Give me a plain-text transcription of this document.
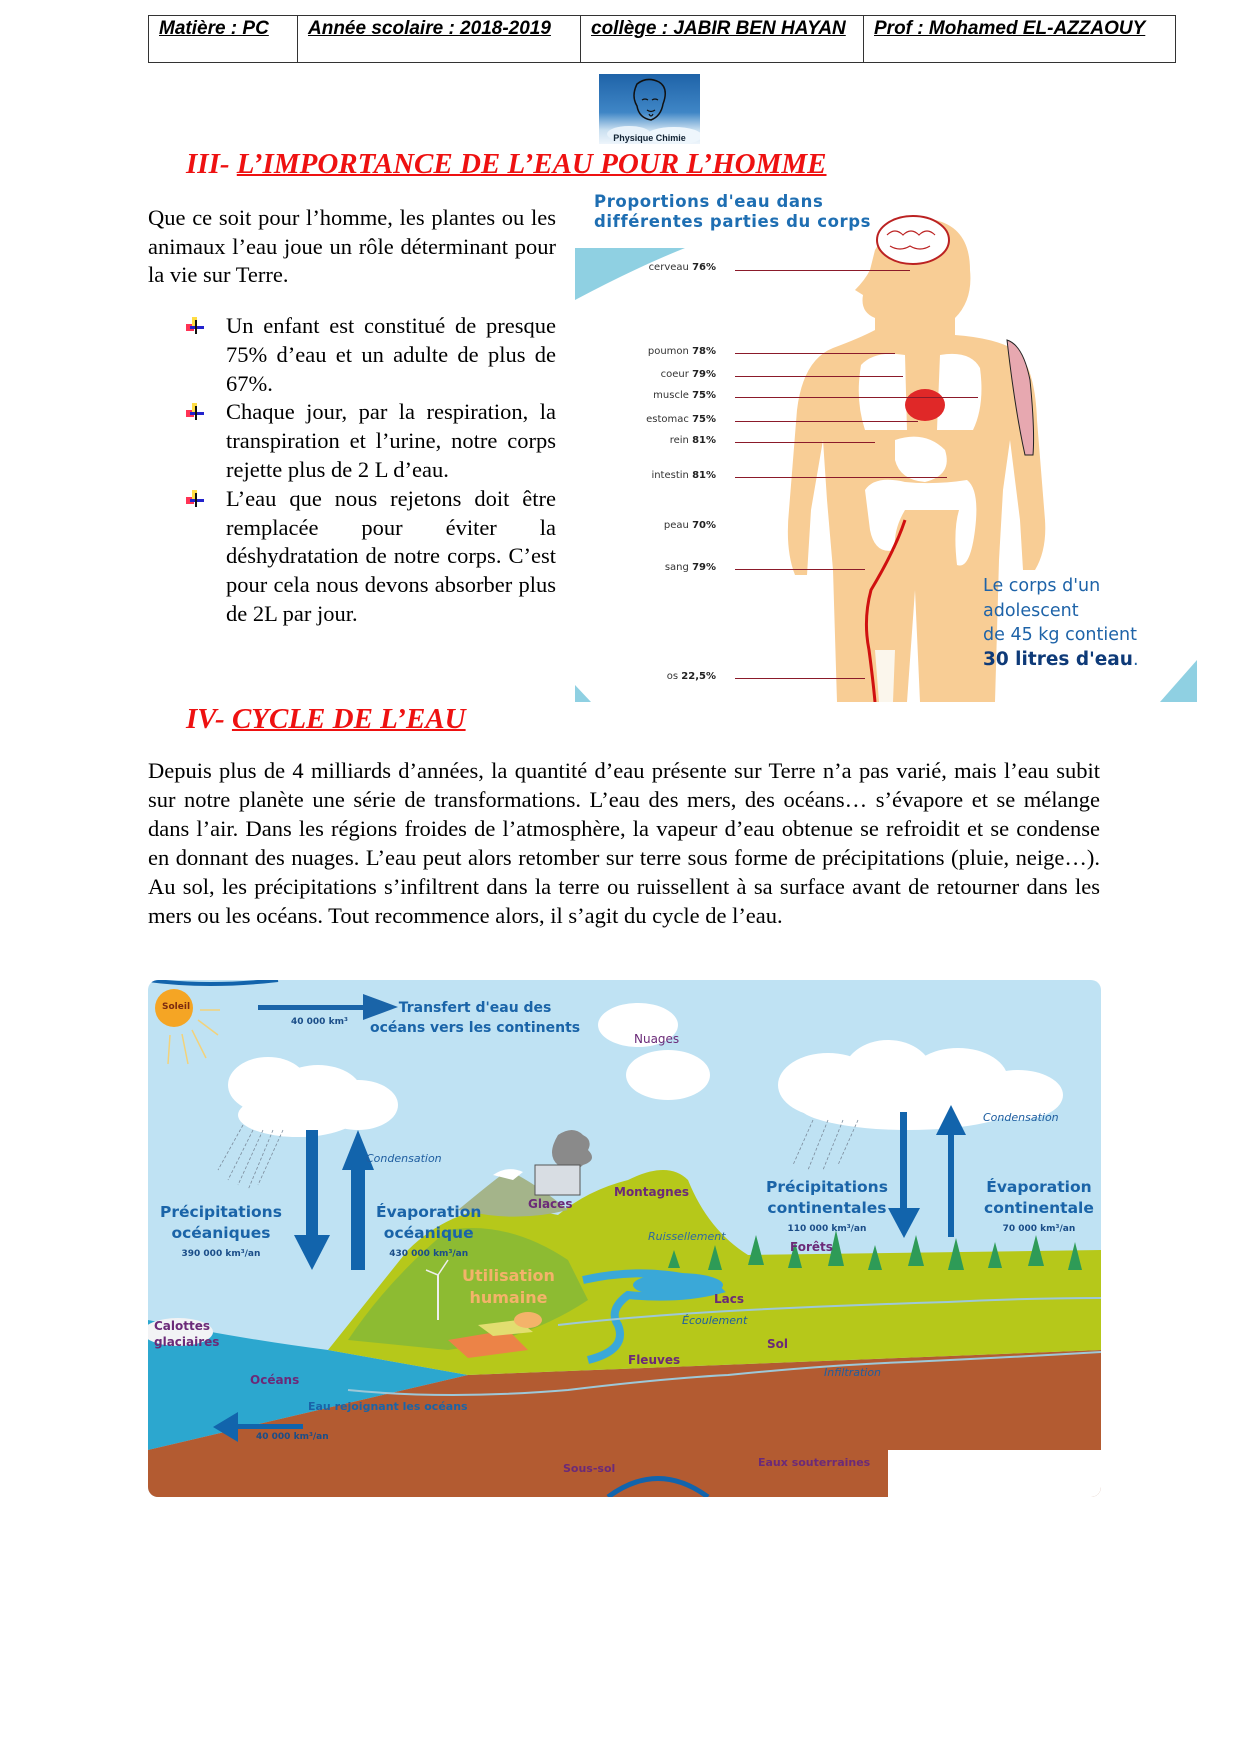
Matière : PC	Année scolaire : 2018-2019	collège : JABIR BEN HAYAN	Prof : Mohamed EL-AZZAOUY
Physique Chimie
III- L’IMPORTANCE DE L’EAU POUR L’HOMME
Que ce soit pour l’homme, les plantes ou les animaux l’eau joue un rôle déterminant pour la vie sur Terre.
Un enfant est constitué de presque 75% d’eau et un adulte de plus de 67%.
Chaque jour, par la respiration, la transpiration et l’urine, notre corps rejette plus de 2 L d’eau.
L’eau que nous rejetons doit être remplacée pour éviter la déshydratation de notre corps. C’est pour cela nous devons absorber plus de 2L par jour.
Proportions d'eau dans
différentes parties du corps
cerveau 76%
poumon 78%
coeur 79%
muscle 75%
estomac 75%
rein 81%
intestin 81%
peau 70%
sang 79%
os 22,5%
Le corps d'un
adolescent
de 45 kg contient
30 litres d'eau.
IV- CYCLE DE L’EAU
Depuis plus de 4 milliards d’années, la quantité d’eau présente sur Terre n’a pas varié, mais l’eau subit sur notre planète une série de transformations. L’eau des mers, des océans… s’évapore et se mélange dans l’air. Dans les régions froides de l’atmosphère, la vapeur d’eau obtenue se refroidit et se condense en donnant des nuages. L’eau peut alors retomber sur terre sous forme de précipitations (pluie, neige…). Au sol, les précipitations s’infiltrent dans la terre ou ruissellent à sa surface avant de retourner dans les mers ou les océans. Tout recommence alors, il s’agit du cycle de l’eau.
Soleil	Transfert d'eau des
océans vers les continents
40 000 km³
Nuages
Condensation
Condensation
Précipitations
océaniques
390 000 km³/an
Évaporation
océanique
430 000 km³/an
Précipitations
continentales
110 000 km³/an
Évaporation
continentale
70 000 km³/an
Glaces
Montagnes
Ruissellement
Forêts
Utilisation
humaine	Lacs
Écoulement
Sol
Calottes
glaciaires
Océans
Fleuves
Infiltration
Eau rejoignant les océans
40 000 km³/an
Sous-sol	Eaux souterraines
